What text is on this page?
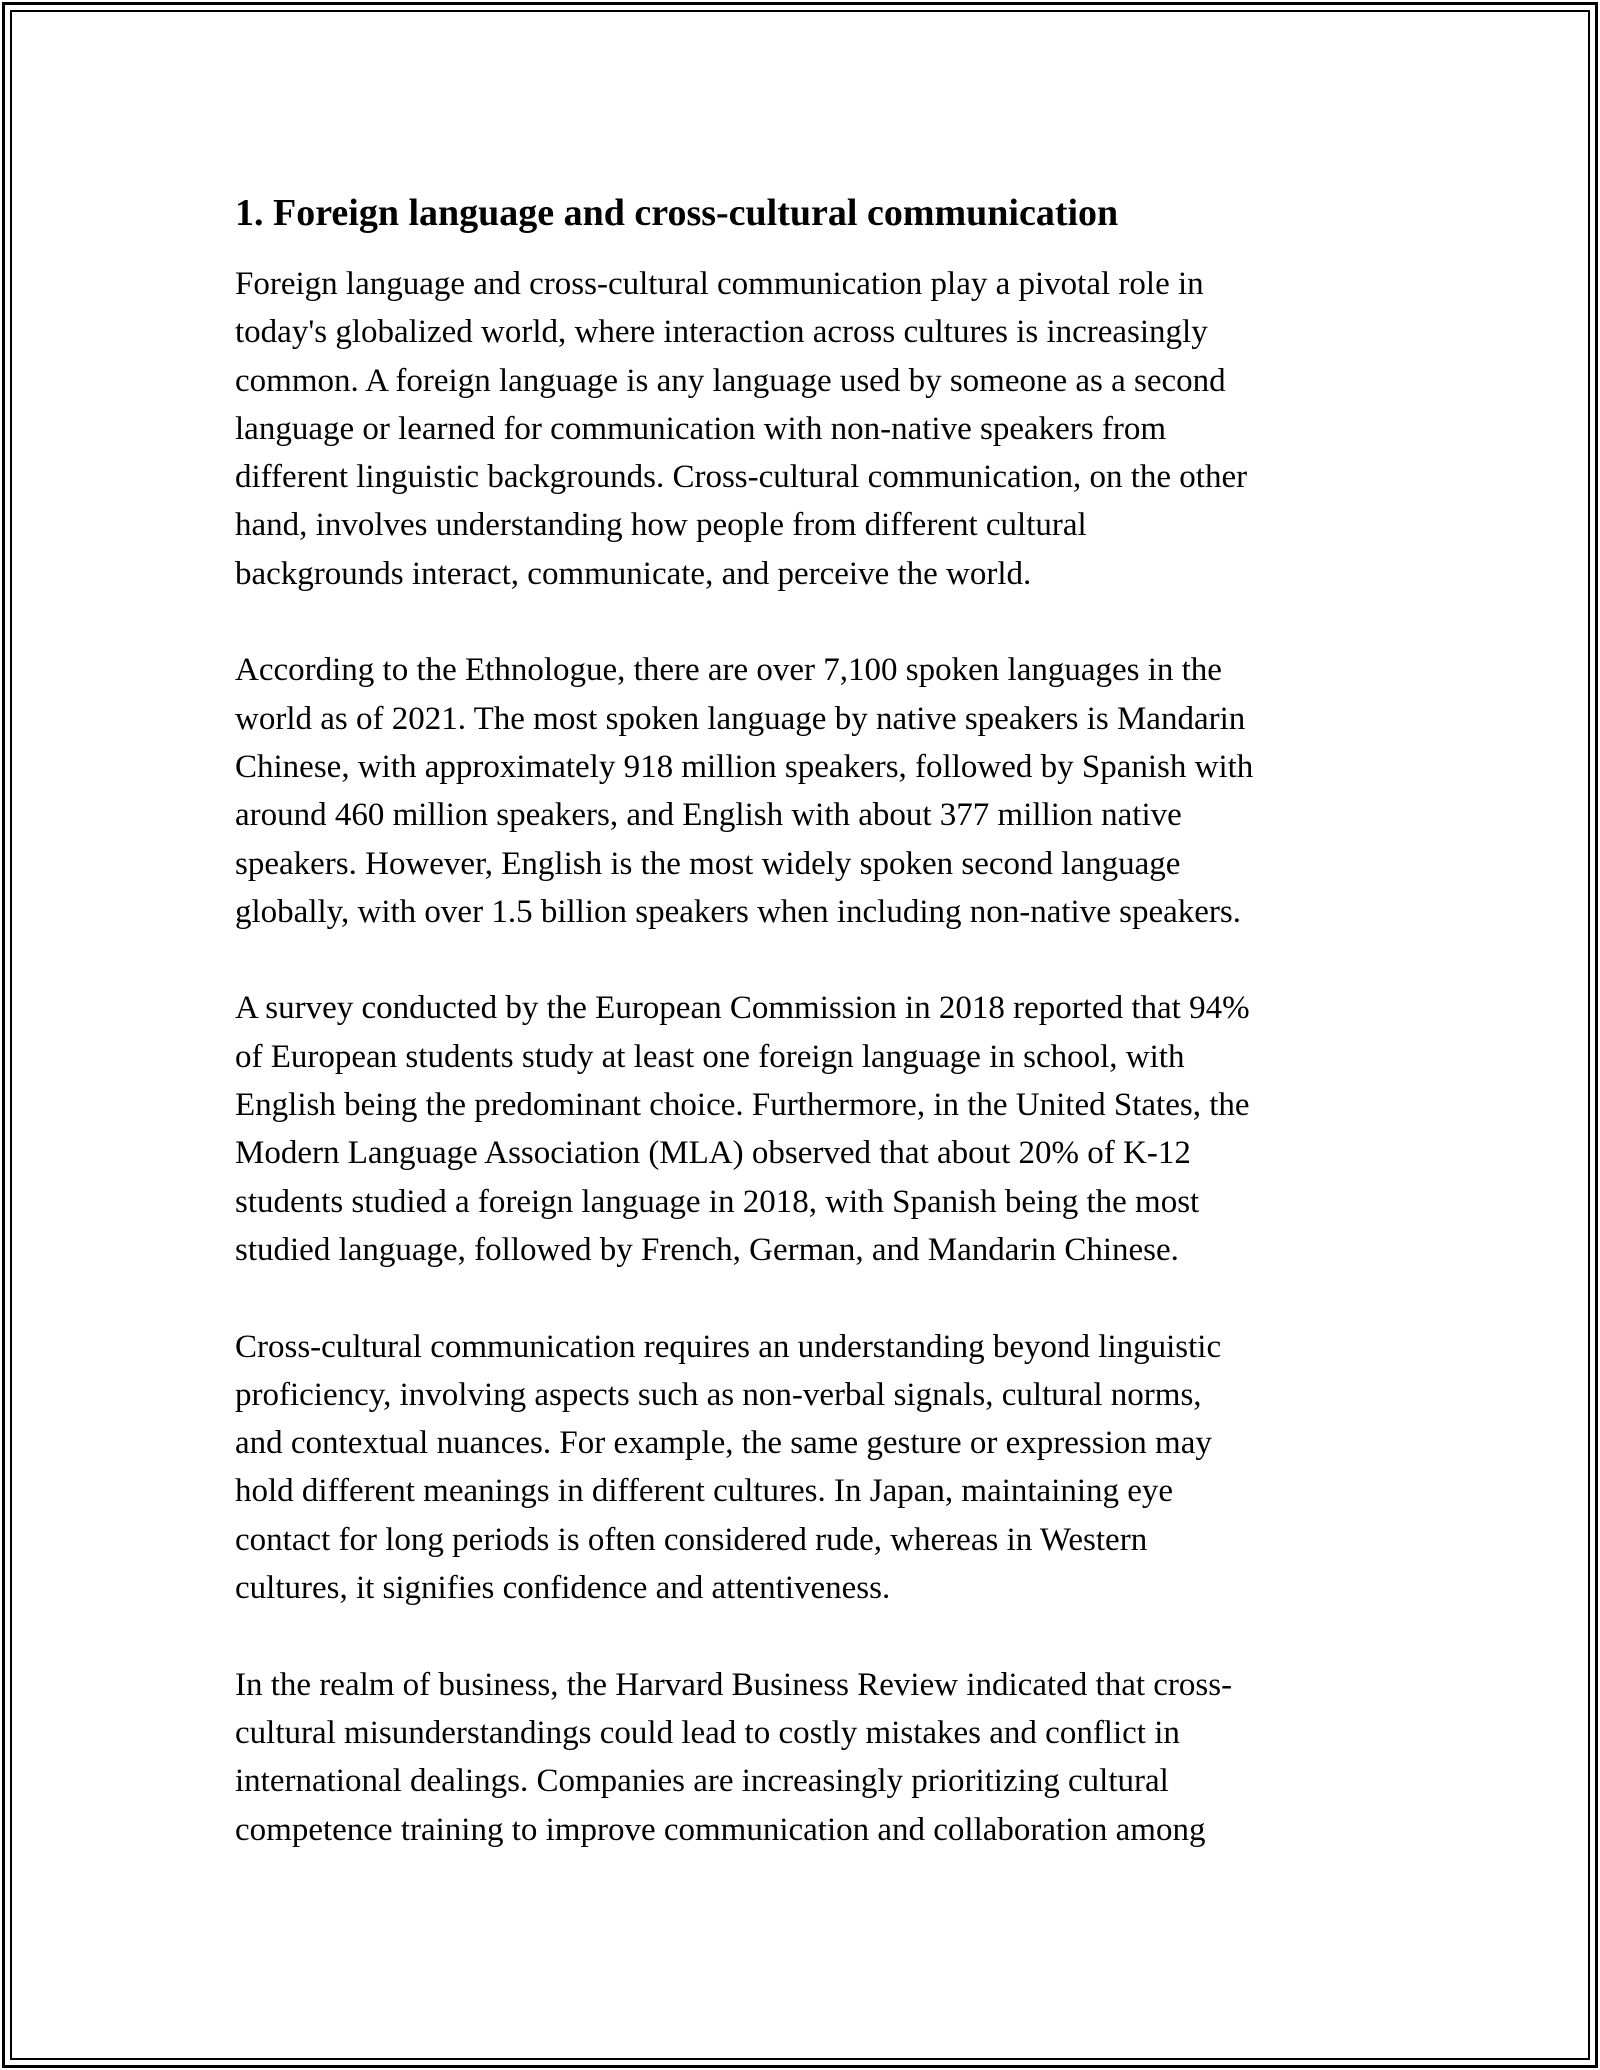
1. Foreign language and cross-cultural communication

Foreign language and cross-cultural communication play a pivotal role in
today's globalized world, where interaction across cultures is increasingly
common. A foreign language is any language used by someone as a second
language or learned for communication with non-native speakers from
different linguistic backgrounds. Cross-cultural communication, on the other
hand, involves understanding how people from different cultural
backgrounds interact, communicate, and perceive the world.

According to the Ethnologue, there are over 7,100 spoken languages in the
world as of 2021. The most spoken language by native speakers is Mandarin
Chinese, with approximately 918 million speakers, followed by Spanish with
around 460 million speakers, and English with about 377 million native
speakers. However, English is the most widely spoken second language
globally, with over 1.5 billion speakers when including non-native speakers.

A survey conducted by the European Commission in 2018 reported that 94%
of European students study at least one foreign language in school, with
English being the predominant choice. Furthermore, in the United States, the
Modern Language Association (MLA) observed that about 20% of K-12
students studied a foreign language in 2018, with Spanish being the most
studied language, followed by French, German, and Mandarin Chinese.

Cross-cultural communication requires an understanding beyond linguistic
proficiency, involving aspects such as non-verbal signals, cultural norms,
and contextual nuances. For example, the same gesture or expression may
hold different meanings in different cultures. In Japan, maintaining eye
contact for long periods is often considered rude, whereas in Western
cultures, it signifies confidence and attentiveness.

In the realm of business, the Harvard Business Review indicated that cross-
cultural misunderstandings could lead to costly mistakes and conflict in
international dealings. Companies are increasingly prioritizing cultural
competence training to improve communication and collaboration among
